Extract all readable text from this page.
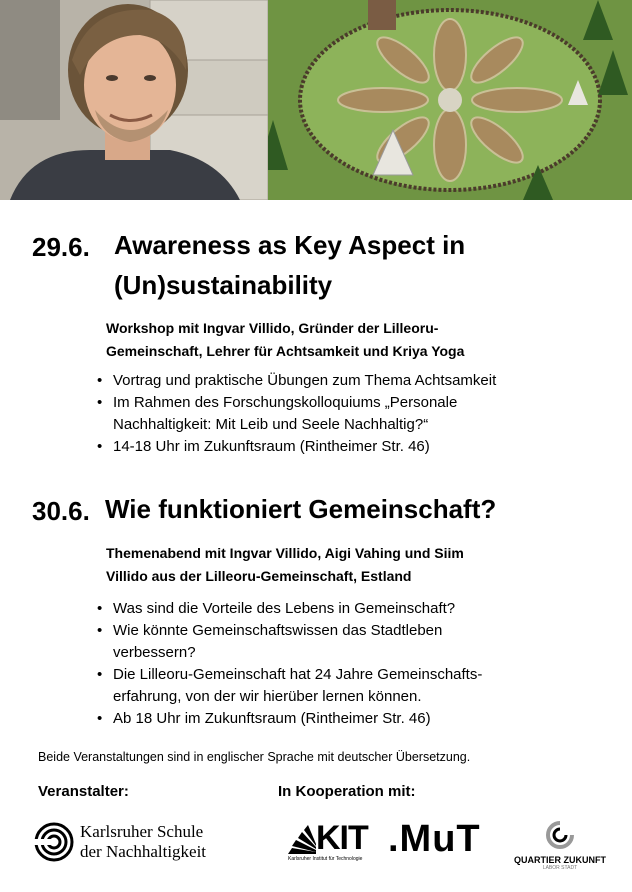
29.6. Awareness as Key Aspect in
(Un)sustainability
Workshop mit Ingvar Villido, Gründer der Lilleoru-
Gemeinschaft, Lehrer für Achtsamkeit und Kriya Yoga
• Vortrag und praktische Übungen zum Thema Achtsamkeit
• Im Rahmen des Forschungskolloquiums „Personale
Nachhaltigkeit: Mit Leib und Seele Nachhaltig?“
• 14-18 Uhr im Zukunftsraum (Rintheimer Str. 46)
30.6. Wie funktioniert Gemeinschaft?
Themenabend mit Ingvar Villido, Aigi Vahing und Siim
Villido aus der Lilleoru-Gemeinschaft, Estland
• Was sind die Vorteile des Lebens in Gemeinschaft?
• Wie könnte Gemeinschaftswissen das Stadtleben
verbessern?
• Die Lilleoru-Gemeinschaft hat 24 Jahre Gemeinschafts-
erfahrung, von der wir hierüber lernen können.
• Ab 18 Uhr im Zukunftsraum (Rintheimer Str. 46)
Beide Veranstaltungen sind in englischer Sprache mit deutscher Übersetzung.
Veranstalter:	In Kooperation mit:
Karlsruher Schule
der Nachhaltigkeit	KIT
Karlsruher Institut für Technologie .MuT	QUARTIER ZUKUNFT
LABOR STADT
